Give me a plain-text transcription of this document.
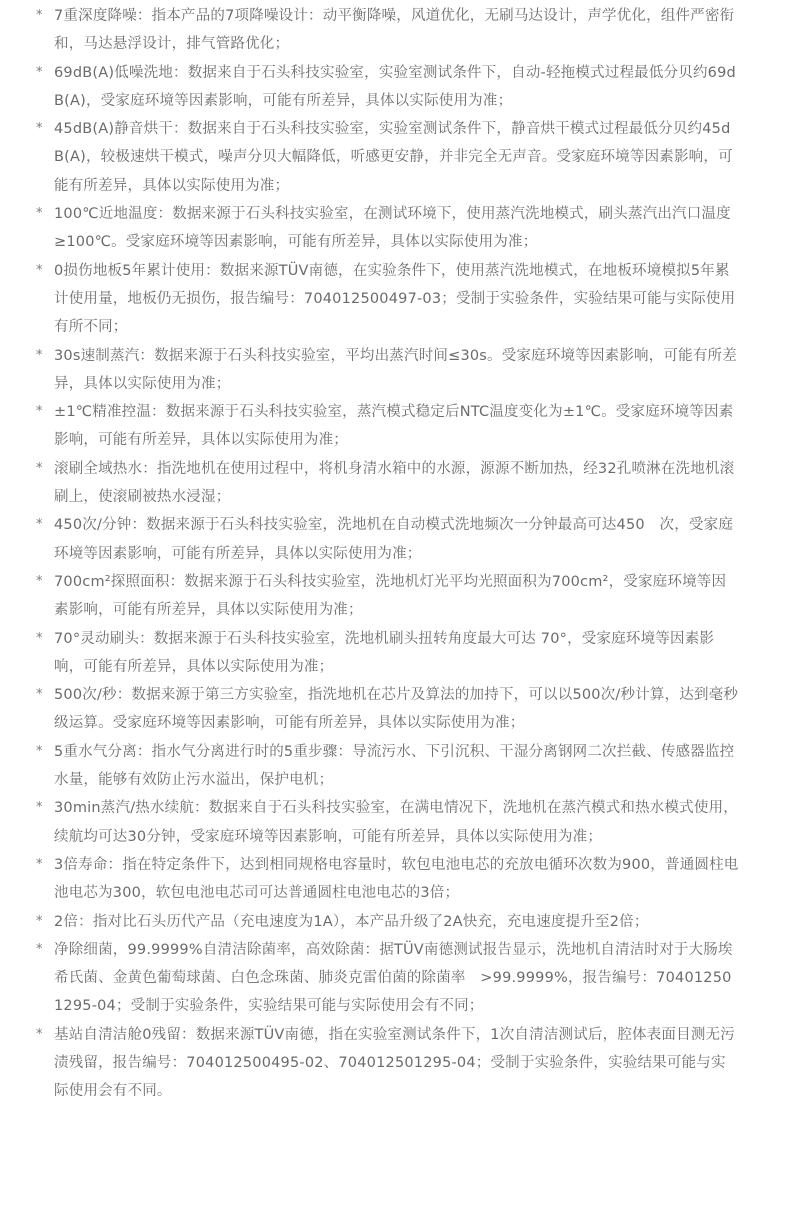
* 7重深度降噪：指本产品的7项降噪设计：动平衡降噪，风道优化，无刷马达设计，声学优化，组件严密衔和，马达悬浮设计，排气管路优化；
* 69dB(A)低噪洗地：数据来自于石头科技实验室，实验室测试条件下，自动-轻拖模式过程最低分贝约69dB(A)，受家庭环境等因素影响，可能有所差异，具体以实际使用为准；
* 45dB(A)静音烘干：数据来自于石头科技实验室，实验室测试条件下，静音烘干模式过程最低分贝约45dB(A)，较极速烘干模式，噪声分贝大幅降低，听感更安静，并非完全无声音。受家庭环境等因素影响，可能有所差异，具体以实际使用为准；
* 100℃近地温度：数据来源于石头科技实验室，在测试环境下，使用蒸汽洗地模式，刷头蒸汽出汽口温度≥100℃。受家庭环境等因素影响，可能有所差异，具体以实际使用为准；
* 0损伤地板5年累计使用：数据来源TÜV南德，在实验条件下，使用蒸汽洗地模式，在地板环境模拟5年累计使用量，地板仍无损伤，报告编号：704012500497-03；受制于实验条件，实验结果可能与实际使用有所不同；
* 30s速制蒸汽：数据来源于石头科技实验室，平均出蒸汽时间≤30s。受家庭环境等因素影响，可能有所差异，具体以实际使用为准；
* ±1℃精准控温：数据来源于石头科技实验室，蒸汽模式稳定后NTC温度变化为±1℃。受家庭环境等因素影响，可能有所差异，具体以实际使用为准；
* 滚刷全域热水：指洗地机在使用过程中，将机身清水箱中的水源，源源不断加热，经32孔喷淋在洗地机滚刷上，使滚刷被热水浸湿；
* 450次/分钟：数据来源于石头科技实验室，洗地机在自动模式洗地频次一分钟最高可达450　次，受家庭环境等因素影响，可能有所差异，具体以实际使用为准；
* 700cm²探照面积：数据来源于石头科技实验室，洗地机灯光平均光照面积为700cm²，受家庭环境等因素影响，可能有所差异，具体以实际使用为准；
* 70°灵动刷头：数据来源于石头科技实验室，洗地机刷头扭转角度最大可达 70°，受家庭环境等因素影响，可能有所差异，具体以实际使用为准；
* 500次/秒：数据来源于第三方实验室，指洗地机在芯片及算法的加持下，可以以500次/秒计算，达到毫秒级运算。受家庭环境等因素影响，可能有所差异，具体以实际使用为准；
* 5重水气分离：指水气分离进行时的5重步骤：导流污水、下引沉积、干湿分离钢网二次拦截、传感器监控水量，能够有效防止污水溢出，保护电机；
* 30min蒸汽/热水续航：数据来自于石头科技实验室，在满电情况下，洗地机在蒸汽模式和热水模式使用，续航均可达30分钟，受家庭环境等因素影响，可能有所差异，具体以实际使用为准；
* 3倍寿命：指在特定条件下，达到相同规格电容量时，软包电池电芯的充放电循环次数为900，普通圆柱电池电芯为300，软包电池电芯司可达普通圆柱电池电芯的3倍；
* 2倍：指对比石头历代产品（充电速度为1A），本产品升级了2A快充，充电速度提升至2倍；
* 净除细菌，99.9999%自清洁除菌率，高效除菌：据TÜV南德测试报告显示，洗地机自清洁时对于大肠埃希氏菌、金黄色葡萄球菌、白色念珠菌、肺炎克雷伯菌的除菌率　>99.9999%，报告编号：704012501295-04；受制于实验条件，实验结果可能与实际使用会有不同；
* 基站自清洁舱0残留：数据来源TÜV南德，指在实验室测试条件下，1次自清洁测试后，腔体表面目测无污渍残留，报告编号：704012500495-02、704012501295-04；受制于实验条件，实验结果可能与实际使用会有不同。
